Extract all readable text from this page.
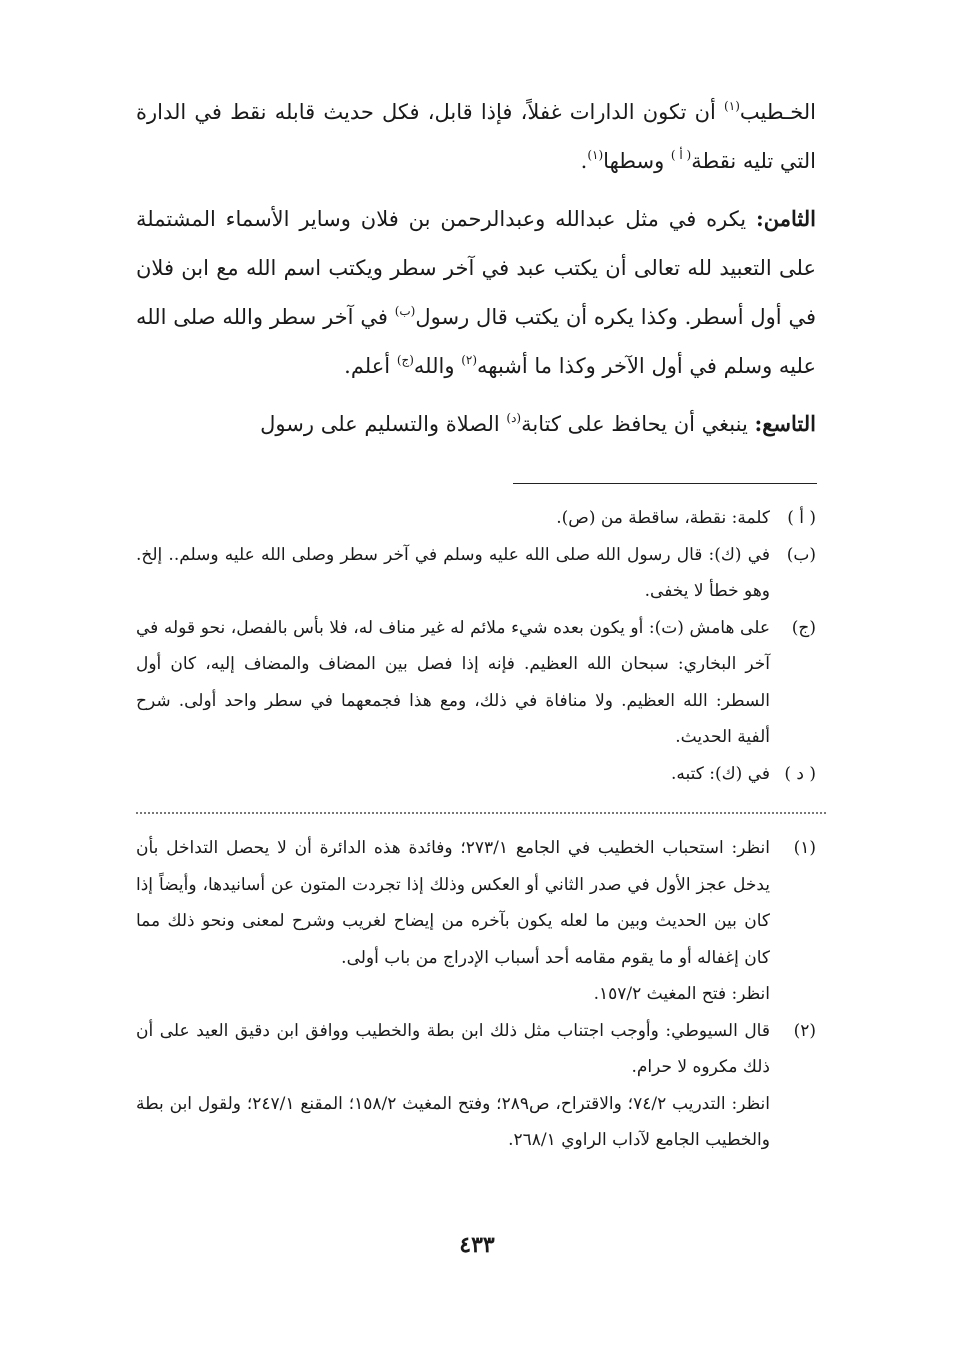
الخـطيب$^{(١)}$ أن تكون الدارات غفلاً، فإذا قابل، فكل حديث قابله نقط في الدارة التي تليه نقطة$^{( أ )}$ وسطها$^{(١)}$.

الثامن: يكره في مثل عبدالله وعبدالرحمن بن فلان وساير الأسماء المشتملة على التعبيد لله تعالى أن يكتب عبد في آخر سطر ويكتب اسم الله مع ابن فلان في أول أسطر. وكذا يكره أن يكتب قال رسول$^{(ب)}$ في آخر سطر والله صلى الله عليه وسلم في أول الآخر وكذا ما أشبهه$^{(٢)}$ والله$^{(ج)}$ أعلم.

التاسع: ينبغي أن يحافظ على كتابة$^{(د)}$ الصلاة والتسليم على رسول

( أ )
كلمة: نقطة، ساقطة من (ص).
(ب)
في (ك): قال رسول الله صلى الله عليه وسلم في آخر سطر وصلى الله عليه وسلم.. إلخ. وهو خطأ لا يخفى.
(ج)
على هامش (ت): أو يكون بعده شيء ملائم له غير مناف له، فلا بأس بالفصل، نحو قوله في آخر البخاري: سبحان الله العظيم. فإنه إذا فصل بين المضاف والمضاف إليه، كان أول السطر: الله العظيم. ولا منافاة في ذلك، ومع هذا فجمعهما في سطر واحد أولى. شرح ألفية الحديث.
( د )
في (ك): كتبه.
(١)
انظر: استحباب الخطيب في الجامع ٢٧٣/١؛ وفائدة هذه الدائرة أن لا يحصل التداخل بأن يدخل عجز الأول في صدر الثاني أو العكس وذلك إذا تجردت المتون عن أسانيدها، وأيضاً إذا كان بين الحديث وبين ما لعله يكون بآخره من إيضاح لغريب وشرح لمعنى ونحو ذلك مما كان إغفاله أو ما يقوم مقامه أحد أسباب الإدراج من باب أولى.
انظر: فتح المغيث ١٥٧/٢.
(٢)
قال السيوطي: وأوجب اجتناب مثل ذلك ابن بطة والخطيب ووافق ابن دقيق العيد على أن ذلك مكروه لا حرام.
انظر: التدريب ٧٤/٢؛ والاقتراح، ص٢٨٩؛ وفتح المغيث ١٥٨/٢؛ المقنع ٢٤٧/١؛ ولقول ابن بطة والخطيب الجامع لآداب الراوي ٢٦٨/١.
٤٣٣
